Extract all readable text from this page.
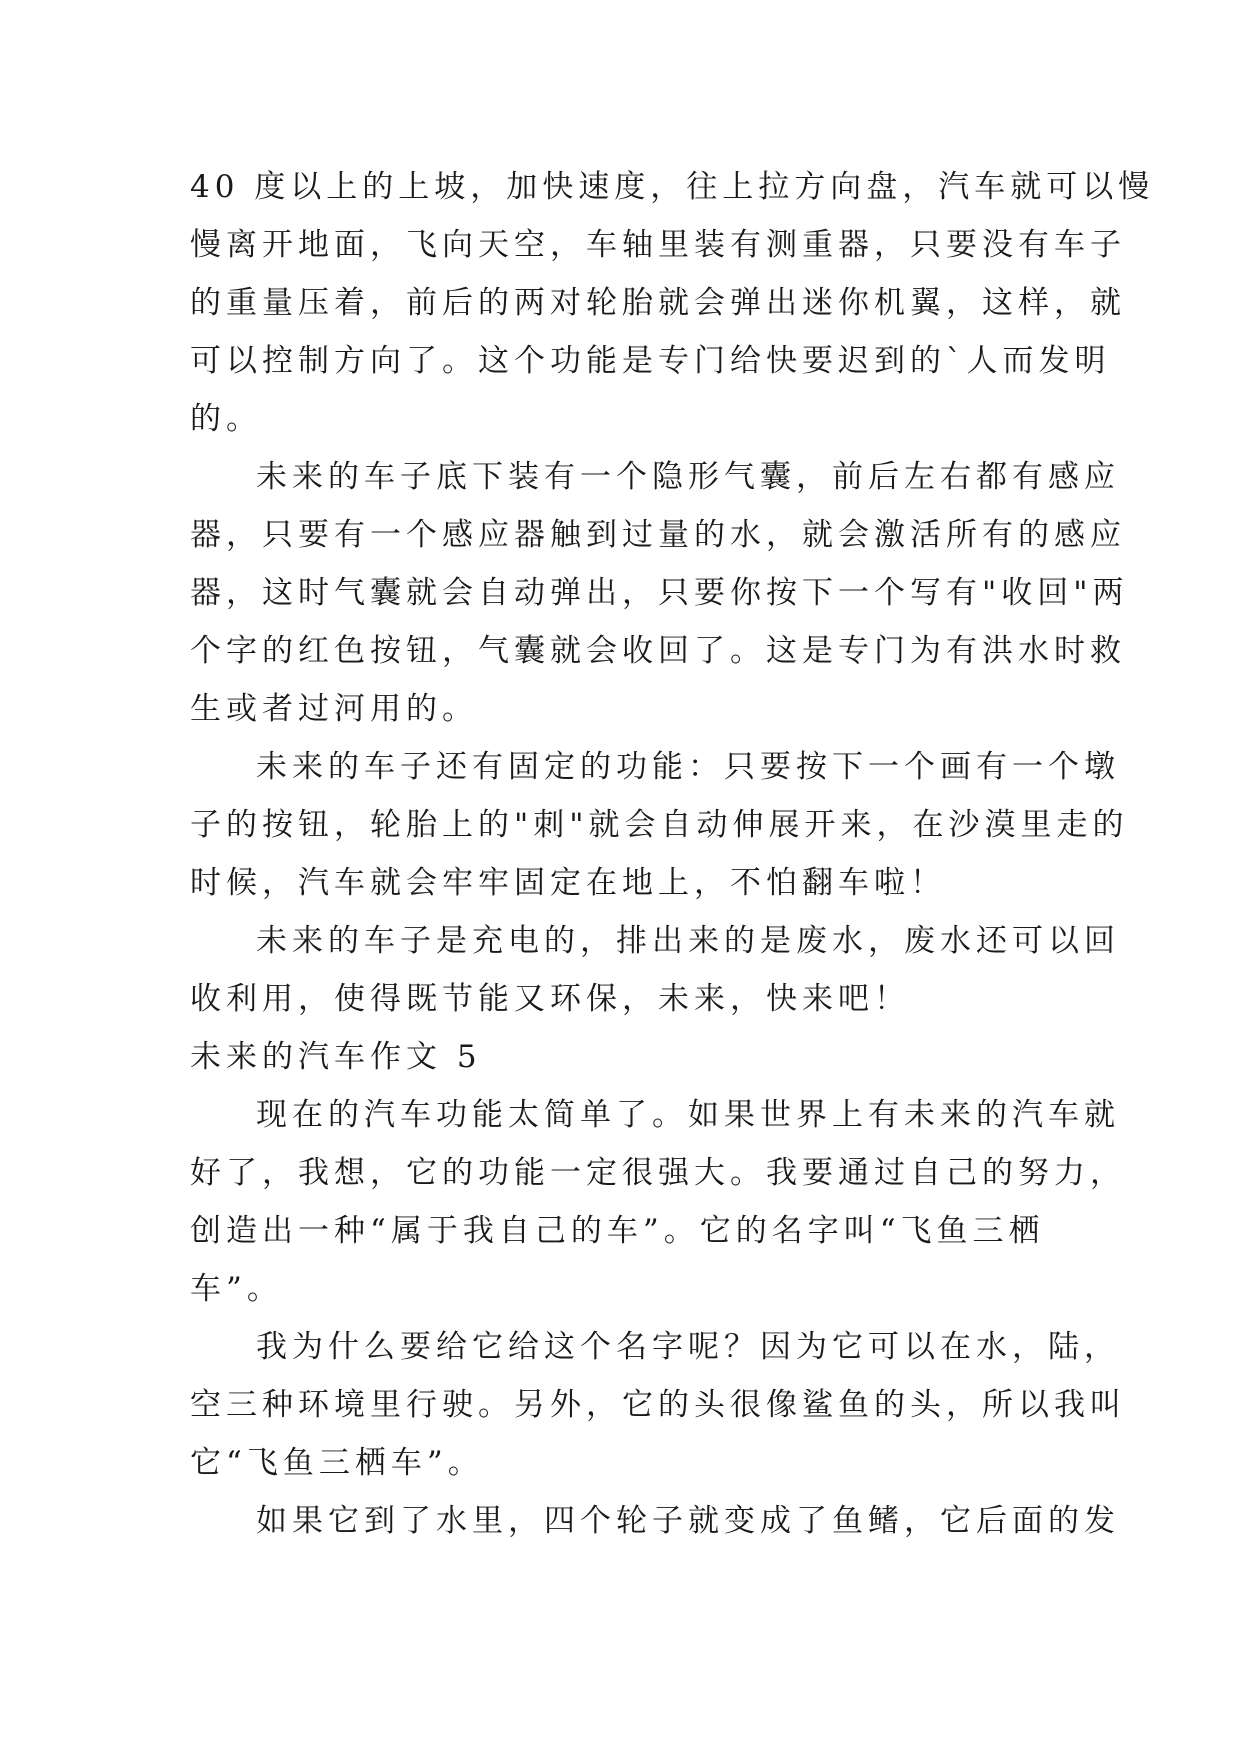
40 度以上的上坡，加快速度，往上拉方向盘，汽车就可以慢
慢离开地面，飞向天空，车轴里装有测重器，只要没有车子
的重量压着，前后的两对轮胎就会弹出迷你机翼，这样，就
可以控制方向了。这个功能是专门给快要迟到的`人而发明
的。
未来的车子底下装有一个隐形气囊，前后左右都有感应
器，只要有一个感应器触到过量的水，就会激活所有的感应
器，这时气囊就会自动弹出，只要你按下一个写有"收回"两
个字的红色按钮，气囊就会收回了。这是专门为有洪水时救
生或者过河用的。
未来的车子还有固定的功能：只要按下一个画有一个墩
子的按钮，轮胎上的"刺"就会自动伸展开来，在沙漠里走的
时候，汽车就会牢牢固定在地上，不怕翻车啦！
未来的车子是充电的，排出来的是废水，废水还可以回
收利用，使得既节能又环保，未来，快来吧！
未来的汽车作文 5
现在的汽车功能太简单了。如果世界上有未来的汽车就
好了，我想，它的功能一定很强大。我要通过自己的努力，
创造出一种“属于我自己的车”。它的名字叫“飞鱼三栖
车”。
我为什么要给它给这个名字呢？因为它可以在水，陆，
空三种环境里行驶。另外，它的头很像鲨鱼的头，所以我叫
它“飞鱼三栖车”。
如果它到了水里，四个轮子就变成了鱼鳍，它后面的发
